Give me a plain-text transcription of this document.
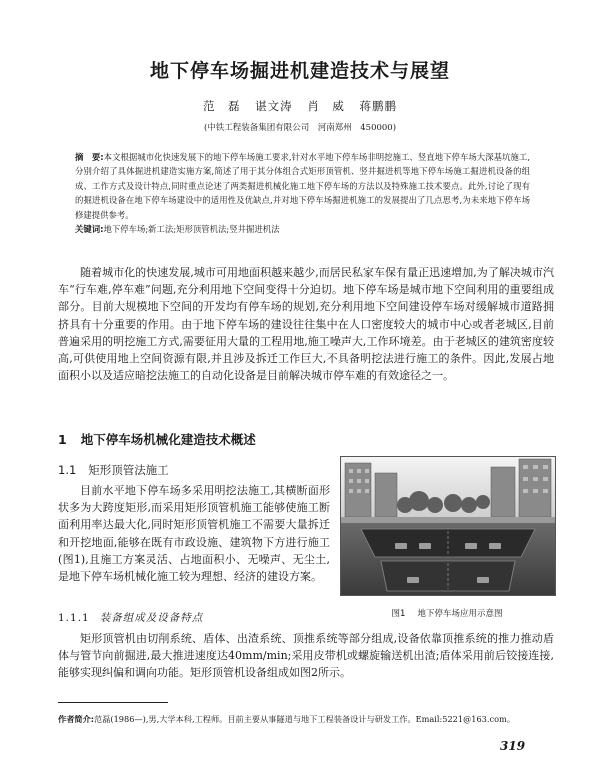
地下停车场掘进机建造技术与展望
范　磊 谌文涛 肖　威 蒋鹏鹏
(中铁工程装备集团有限公司　河南郑州　450000)
摘　要:本文根据城市化快速发展下的地下停车场施工要求,针对水平地下停车场非明挖施工、竖直地下停车场大深基坑施工,分别介绍了具体掘进机建造实施方案,简述了用于其分体组合式矩形顶管机、竖井掘进机等地下停车场施工掘进机设备的组成、工作方式及设计特点,同时重点论述了两类掘进机械化施工地下停车场的方法以及特殊施工技术要点。此外,讨论了现有的掘进机设备在地下停车场建设中的适用性及优缺点,并对地下停车场掘进机施工的发展提出了几点思考,为未来地下停车场修建提供参考。
关键词:地下停车场;新工法;矩形顶管机法;竖井掘进机法
随着城市化的快速发展,城市可用地面积越来越少,而居民私家车保有量正迅速增加,为了解决城市汽车“行车难,停车难”问题,充分利用地下空间变得十分迫切。地下停车场是城市地下空间利用的重要组成部分。目前大规模地下空间的开发均有停车场的规划,充分利用地下空间建设停车场对缓解城市道路拥挤具有十分重要的作用。由于地下停车场的建设往往集中在人口密度较大的城市中心或者老城区,目前普遍采用的明挖施工方式,需要征用大量的工程用地,施工噪声大,工作环境差。由于老城区的建筑密度较高,可供使用地上空间资源有限,并且涉及拆迁工作巨大,不具备明挖法进行施工的条件。因此,发展占地面积小以及适应暗挖法施工的自动化设备是目前解决城市停车难的有效途径之一。
1 地下停车场机械化建造技术概述
1.1 矩形顶管法施工
目前水平地下停车场多采用明挖法施工,其横断面形状多为大跨度矩形,而采用矩形顶管机施工能够使施工断面利用率达最大化,同时矩形顶管机施工不需要大量拆迁和开挖地面,能够在既有市政设施、建筑物下方进行施工(图1),且施工方案灵活、占地面积小、无噪声、无尘土,是地下停车场机械化施工较为理想、经济的建设方案。
图1 地下停车场应用示意图
1.1.1 装备组成及设备特点
矩形顶管机由切削系统、盾体、出渣系统、顶推系统等部分组成,设备依靠顶推系统的推力推动盾体与管节向前掘进,最大推进速度达40mm/min;采用皮带机或螺旋输送机出渣;盾体采用前后铰接连接,能够实现纠偏和调向功能。矩形顶管机设备组成如图2所示。
作者简介:范磊(1986—),男,大学本科,工程师。目前主要从事隧道与地下工程装备设计与研发工作。Email:5221@163.com。
319
